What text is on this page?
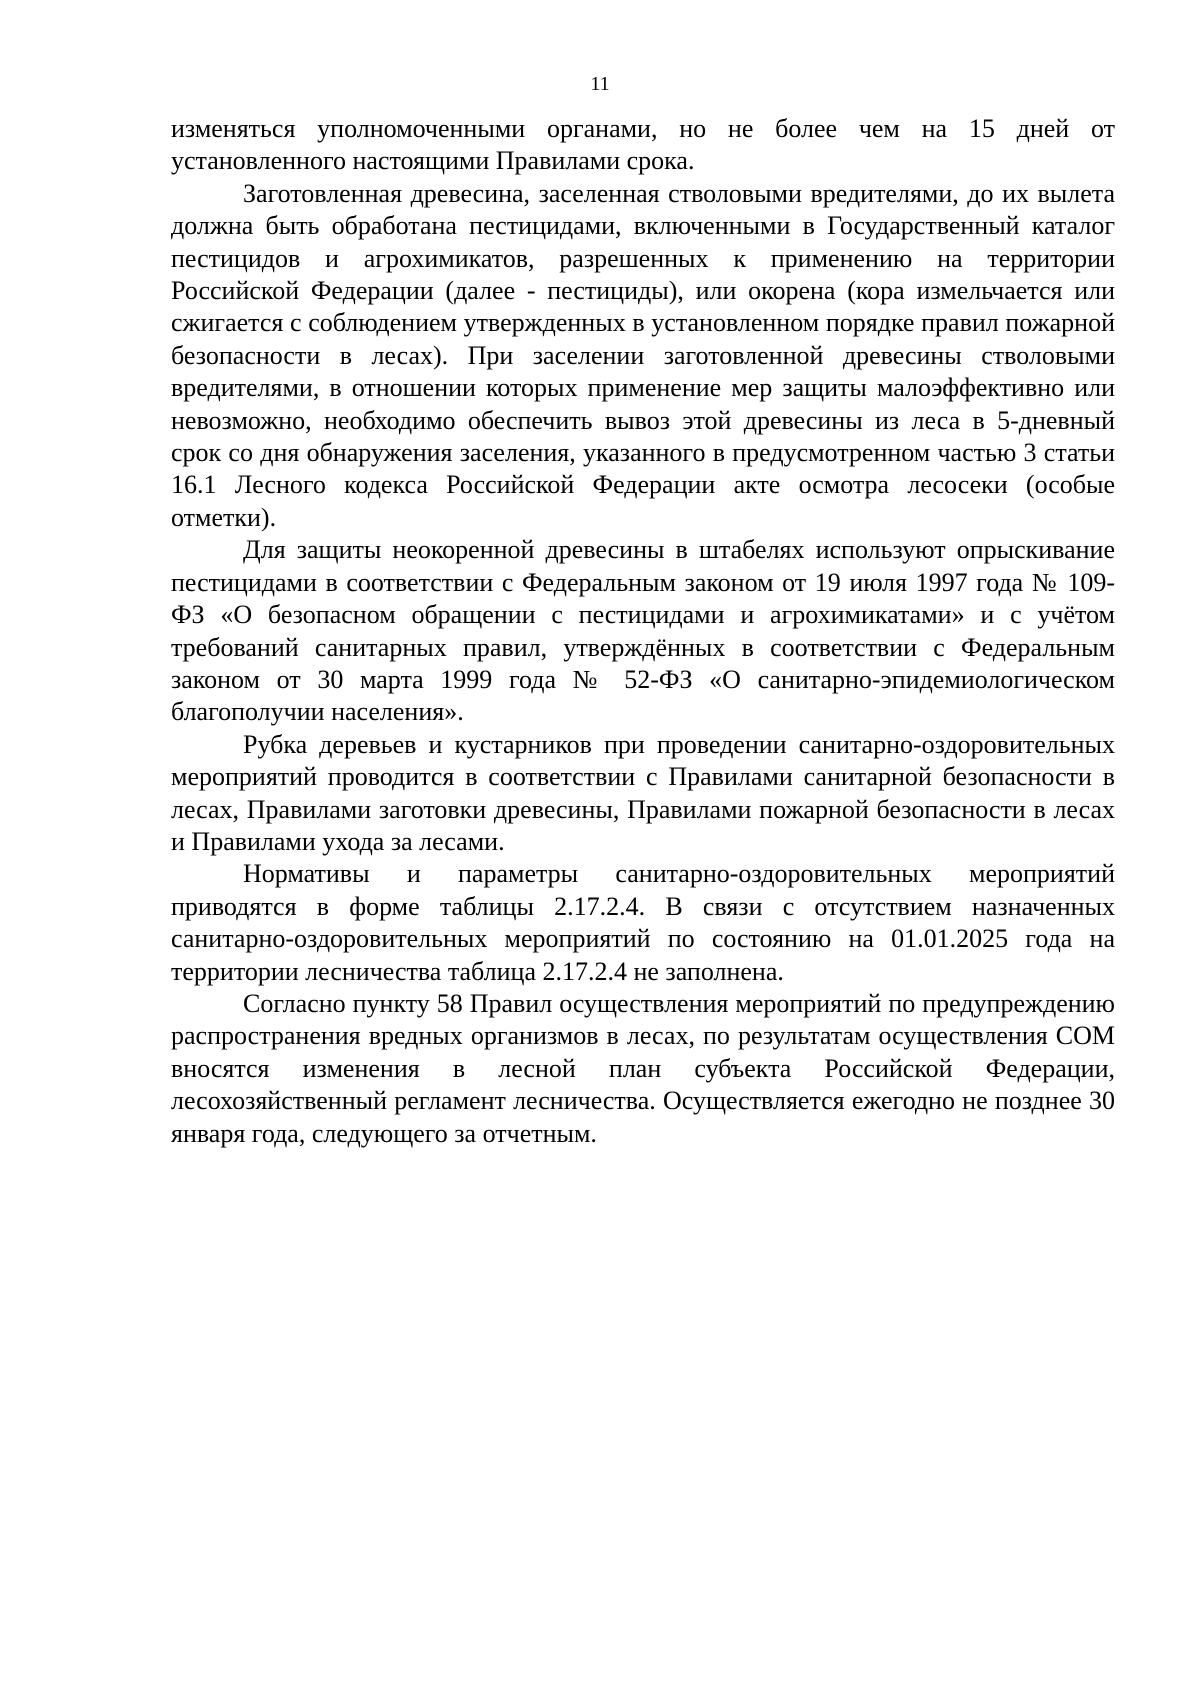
11

изменяться уполномоченными органами, но не более чем на 15 дней от установленного настоящими Правилами срока.

Заготовленная древесина, заселенная стволовыми вредителями, до их вылета должна быть обработана пестицидами, включенными в Государственный каталог пестицидов и агрохимикатов, разрешенных к применению на территории Российской Федерации (далее - пестициды), или окорена (кора измельчается или сжигается с соблюдением утвержденных в установленном порядке правил пожарной безопасности в лесах). При заселении заготовленной древесины стволовыми вредителями, в отношении которых применение мер защиты малоэффективно или невозможно, необходимо обеспечить вывоз этой древесины из леса в 5-дневный срок со дня обнаружения заселения, указанного в предусмотренном частью 3 статьи 16.1 Лесного кодекса Российской Федерации акте осмотра лесосеки (особые отметки).

Для защиты неокоренной древесины в штабелях используют опрыскивание пестицидами в соответствии с Федеральным законом от 19 июля 1997 года № 109-ФЗ «О безопасном обращении с пестицидами и агрохимикатами» и с учётом требований санитарных правил, утверждённых в соответствии с Федеральным законом от 30 марта 1999 года № 52-ФЗ «О санитарно-эпидемиологическом благополучии населения».

Рубка деревьев и кустарников при проведении санитарно-оздоровительных мероприятий проводится в соответствии с Правилами санитарной безопасности в лесах, Правилами заготовки древесины, Правилами пожарной безопасности в лесах и Правилами ухода за лесами.

Нормативы и параметры санитарно-оздоровительных мероприятий приводятся в форме таблицы 2.17.2.4. В связи с отсутствием назначенных санитарно-оздоровительных мероприятий по состоянию на 01.01.2025 года на территории лесничества таблица 2.17.2.4 не заполнена.

Согласно пункту 58 Правил осуществления мероприятий по предупреждению распространения вредных организмов в лесах, по результатам осуществления СОМ вносятся изменения в лесной план субъекта Российской Федерации, лесохозяйственный регламент лесничества. Осуществляется ежегодно не позднее 30 января года, следующего за отчетным.
